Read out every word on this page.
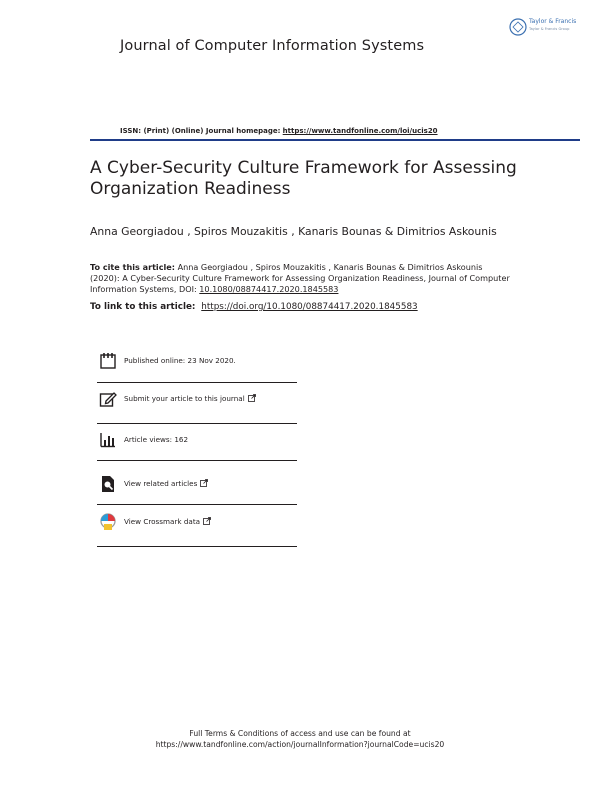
Journal of Computer Information Systems
Taylor & Francis
Taylor & Francis Group
ISSN: (Print) (Online) Journal homepage: https://www.tandfonline.com/loi/ucis20
A Cyber-Security Culture Framework for Assessing Organization Readiness
Anna Georgiadou , Spiros Mouzakitis , Kanaris Bounas & Dimitrios Askounis
To cite this article: Anna Georgiadou , Spiros Mouzakitis , Kanaris Bounas & Dimitrios Askounis (2020): A Cyber-Security Culture Framework for Assessing Organization Readiness, Journal of Computer Information Systems, DOI: 10.1080/08874417.2020.1845583
To link to this article: https://doi.org/10.1080/08874417.2020.1845583
Published online: 23 Nov 2020.
Submit your article to this journal
Article views: 162
View related articles
View Crossmark data
Full Terms & Conditions of access and use can be found at
https://www.tandfonline.com/action/journalInformation?journalCode=ucis20
